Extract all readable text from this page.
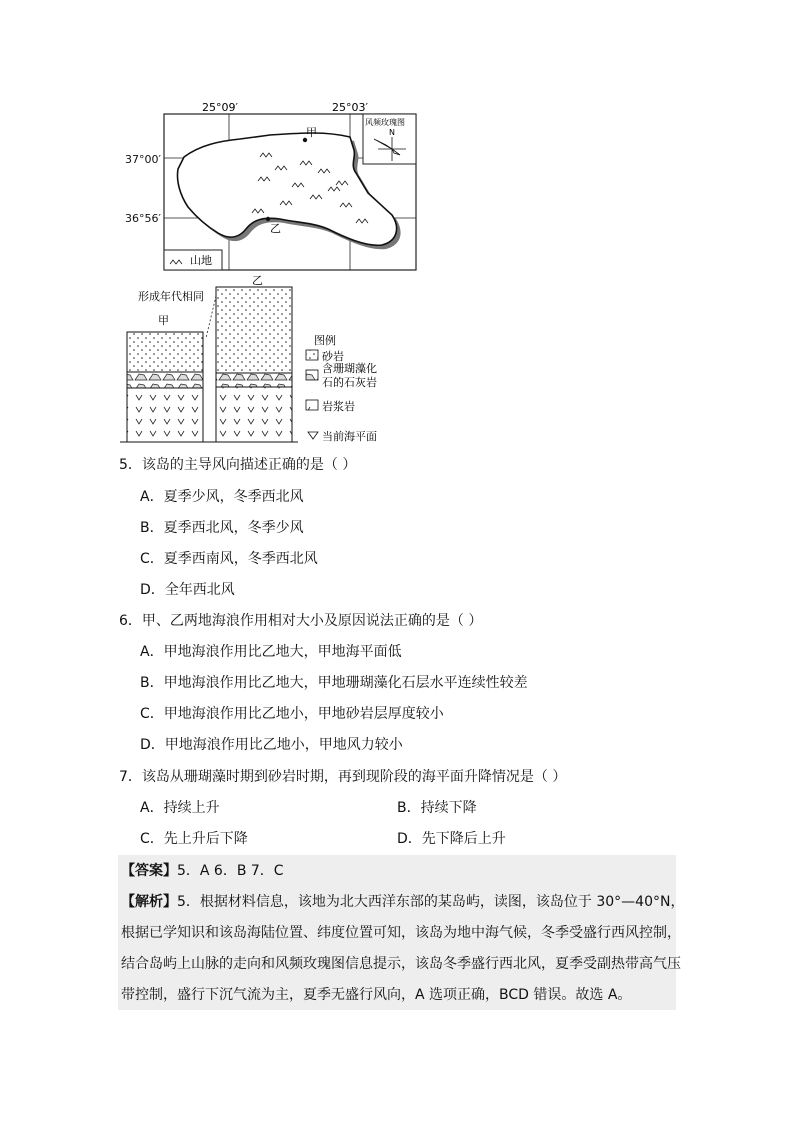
25°09′	25°03′
甲
乙
风频玫瑰图
N
山地
37°00′
36°56′
乙
形成年代相同
甲
图例
砂岩
含珊瑚藻化
石的石灰岩
岩浆岩
当前海平面
5．该岛的主导风向描述正确的是（ ）
A．夏季少风，冬季西北风
B．夏季西北风，冬季少风
C．夏季西南风，冬季西北风
D．全年西北风
6．甲、乙两地海浪作用相对大小及原因说法正确的是（ ）
A．甲地海浪作用比乙地大，甲地海平面低
B．甲地海浪作用比乙地大，甲地珊瑚藻化石层水平连续性较差
C．甲地海浪作用比乙地小，甲地砂岩层厚度较小
D．甲地海浪作用比乙地小，甲地风力较小
7．该岛从珊瑚藻时期到砂岩时期，再到现阶段的海平面升降情况是（ ）
A．持续上升	B．持续下降
C．先上升后下降	D．先下降后上升
【答案】5．A 6．B 7．C
【解析】5．根据材料信息，该地为北大西洋东部的某岛屿，读图，该岛位于 30°—40°N，
根据已学知识和该岛海陆位置、纬度位置可知，该岛为地中海气候，冬季受盛行西风控制，
结合岛屿上山脉的走向和风频玫瑰图信息提示，该岛冬季盛行西北风，夏季受副热带高气压
带控制，盛行下沉气流为主，夏季无盛行风向，A 选项正确，BCD 错误。故选 A。
